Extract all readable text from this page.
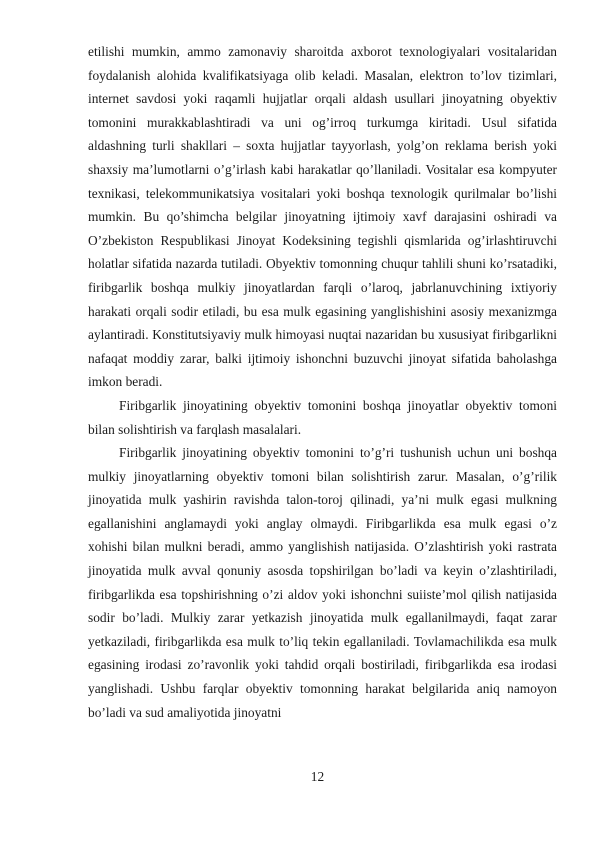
etilishi mumkin, ammo zamonaviy sharoitda axborot texnologiyalari vositalaridan foydalanish alohida kvalifikatsiyaga olib keladi. Masalan, elektron to’lov tizimlari, internet savdosi yoki raqamli hujjatlar orqali aldash usullari jinoyatning obyektiv tomonini murakkablashtiradi va uni og’irroq turkumga kiritadi. Usul sifatida aldashning turli shakllari – soxta hujjatlar tayyorlash, yolg’on reklama berish yoki shaxsiy ma’lumotlarni o’g’irlash kabi harakatlar qo’llaniladi. Vositalar esa kompyuter texnikasi, telekommunikatsiya vositalari yoki boshqa texnologik qurilmalar bo’lishi mumkin. Bu qo’shimcha belgilar jinoyatning ijtimoiy xavf darajasini oshiradi va O’zbekiston Respublikasi Jinoyat Kodeksining tegishli qismlarida og’irlashtiruvchi holatlar sifatida nazarda tutiladi. Obyektiv tomonning chuqur tahlili shuni ko’rsatadiki, firibgarlik boshqa mulkiy jinoyatlardan farqli o’laroq, jabrlanuvchining ixtiyoriy harakati orqali sodir etiladi, bu esa mulk egasining yanglishishini asosiy mexanizmga aylantiradi. Konstitutsiyaviy mulk himoyasi nuqtai nazaridan bu xususiyat firibgarlikni nafaqat moddiy zarar, balki ijtimoiy ishonchni buzuvchi jinoyat sifatida baholashga imkon beradi.

Firibgarlik jinoyatining obyektiv tomonini boshqa jinoyatlar obyektiv tomoni bilan solishtirish va farqlash masalalari.

Firibgarlik jinoyatining obyektiv tomonini to’g’ri tushunish uchun uni boshqa mulkiy jinoyatlarning obyektiv tomoni bilan solishtirish zarur. Masalan, o’g’rilik jinoyatida mulk yashirin ravishda talon-toroj qilinadi, ya’ni mulk egasi mulkning egallanishini anglamaydi yoki anglay olmaydi. Firibgarlikda esa mulk egasi o’z xohishi bilan mulkni beradi, ammo yanglishish natijasida. O’zlashtirish yoki rastrata jinoyatida mulk avval qonuniy asosda topshirilgan bo’ladi va keyin o’zlashtiriladi, firibgarlikda esa topshirishning o’zi aldov yoki ishonchni suiiste’mol qilish natijasida sodir bo’ladi. Mulkiy zarar yetkazish jinoyatida mulk egallanilmaydi, faqat zarar yetkaziladi, firibgarlikda esa mulk to’liq tekin egallaniladi. Tovlamachilikda esa mulk egasining irodasi zo’ravonlik yoki tahdid orqali bostiriladi, firibgarlikda esa irodasi yanglishadi. Ushbu farqlar obyektiv tomonning harakat belgilarida aniq namoyon bo’ladi va sud amaliyotida jinoyatni

12
